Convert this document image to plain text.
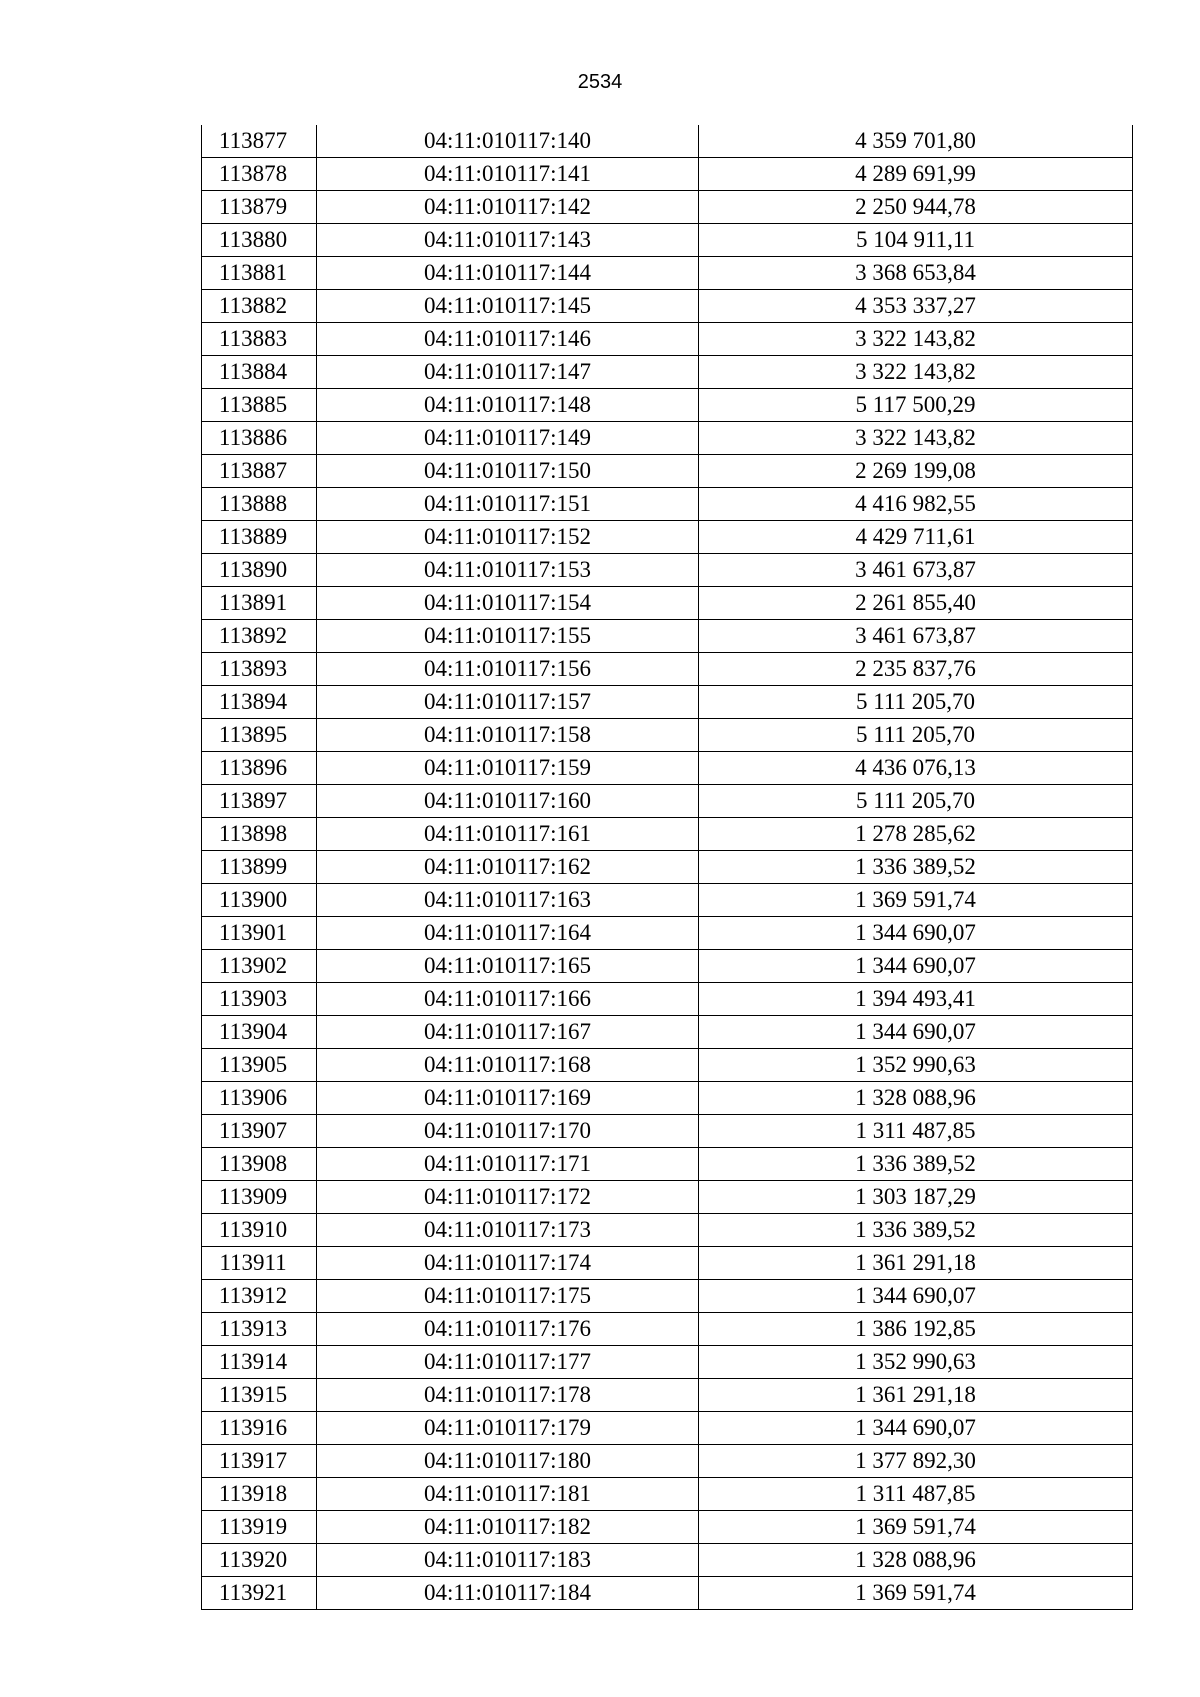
2534
113877	04:11:010117:140	4 359 701,80
113878	04:11:010117:141	4 289 691,99
113879	04:11:010117:142	2 250 944,78
113880	04:11:010117:143	5 104 911,11
113881	04:11:010117:144	3 368 653,84
113882	04:11:010117:145	4 353 337,27
113883	04:11:010117:146	3 322 143,82
113884	04:11:010117:147	3 322 143,82
113885	04:11:010117:148	5 117 500,29
113886	04:11:010117:149	3 322 143,82
113887	04:11:010117:150	2 269 199,08
113888	04:11:010117:151	4 416 982,55
113889	04:11:010117:152	4 429 711,61
113890	04:11:010117:153	3 461 673,87
113891	04:11:010117:154	2 261 855,40
113892	04:11:010117:155	3 461 673,87
113893	04:11:010117:156	2 235 837,76
113894	04:11:010117:157	5 111 205,70
113895	04:11:010117:158	5 111 205,70
113896	04:11:010117:159	4 436 076,13
113897	04:11:010117:160	5 111 205,70
113898	04:11:010117:161	1 278 285,62
113899	04:11:010117:162	1 336 389,52
113900	04:11:010117:163	1 369 591,74
113901	04:11:010117:164	1 344 690,07
113902	04:11:010117:165	1 344 690,07
113903	04:11:010117:166	1 394 493,41
113904	04:11:010117:167	1 344 690,07
113905	04:11:010117:168	1 352 990,63
113906	04:11:010117:169	1 328 088,96
113907	04:11:010117:170	1 311 487,85
113908	04:11:010117:171	1 336 389,52
113909	04:11:010117:172	1 303 187,29
113910	04:11:010117:173	1 336 389,52
113911	04:11:010117:174	1 361 291,18
113912	04:11:010117:175	1 344 690,07
113913	04:11:010117:176	1 386 192,85
113914	04:11:010117:177	1 352 990,63
113915	04:11:010117:178	1 361 291,18
113916	04:11:010117:179	1 344 690,07
113917	04:11:010117:180	1 377 892,30
113918	04:11:010117:181	1 311 487,85
113919	04:11:010117:182	1 369 591,74
113920	04:11:010117:183	1 328 088,96
113921	04:11:010117:184	1 369 591,74
